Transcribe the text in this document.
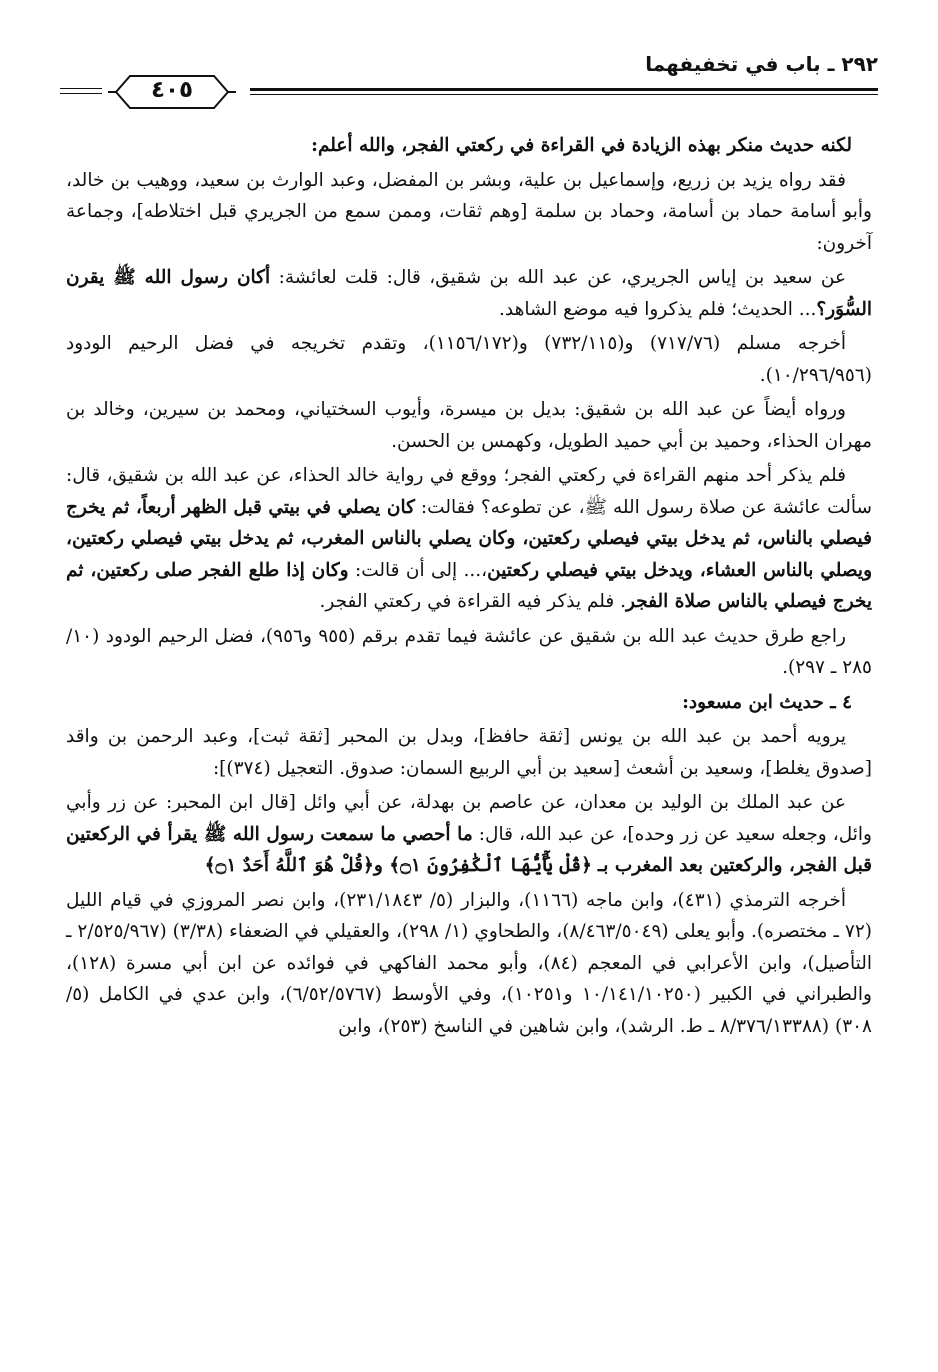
٢٩٢ ـ باب في تخفيفهما
٤٠٥

لكنه حديث منكر بهذه الزيادة في القراءة في ركعتي الفجر، والله أعلم:

فقد رواه يزيد بن زريع، وإسماعيل بن علية، وبشر بن المفضل، وعبد الوارث بن سعيد، ووهيب بن خالد، وأبو أسامة حماد بن أسامة، وحماد بن سلمة [وهم ثقات، وممن سمع من الجريري قبل اختلاطه]، وجماعة آخرون:

عن سعيد بن إياس الجريري، عن عبد الله بن شقيق، قال: قلت لعائشة: أكان رسول الله ﷺ يقرن السُّوَر؟... الحديث؛ فلم يذكروا فيه موضع الشاهد.

أخرجه مسلم (٧١٧/٧٦) و(٧٣٢/١١٥) و(١١٥٦/١٧٢)، وتقدم تخريجه في فضل الرحيم الودود (١٠/٢٩٦/٩٥٦).

ورواه أيضاً عن عبد الله بن شقيق: بديل بن ميسرة، وأيوب السختياني، ومحمد بن سيرين، وخالد بن مهران الحذاء، وحميد بن أبي حميد الطويل، وكهمس بن الحسن.

فلم يذكر أحد منهم القراءة في ركعتي الفجر؛ ووقع في رواية خالد الحذاء، عن عبد الله بن شقيق، قال: سألت عائشة عن صلاة رسول الله ﷺ، عن تطوعه؟ فقالت: كان يصلي في بيتي قبل الظهر أربعاً، ثم يخرج فيصلي بالناس، ثم يدخل بيتي فيصلي ركعتين، وكان يصلي بالناس المغرب، ثم يدخل بيتي فيصلي ركعتين، ويصلي بالناس العشاء، ويدخل بيتي فيصلي ركعتين،... إلى أن قالت: وكان إذا طلع الفجر صلى ركعتين، ثم يخرج فيصلي بالناس صلاة الفجر. فلم يذكر فيه القراءة في ركعتي الفجر.

راجع طرق حديث عبد الله بن شقيق عن عائشة فيما تقدم برقم (٩٥٥ و٩٥٦)، فضل الرحيم الودود (١٠/ ٢٨٥ ـ ٢٩٧).

٤ ـ حديث ابن مسعود:

يرويه أحمد بن عبد الله بن يونس [ثقة حافظ]، وبدل بن المحبر [ثقة ثبت]، وعبد الرحمن بن واقد [صدوق يغلط]، وسعيد بن أشعث [سعيد بن أبي الربيع السمان: صدوق. التعجيل (٣٧٤)]:

عن عبد الملك بن الوليد بن معدان، عن عاصم بن بهدلة، عن أبي وائل [قال ابن المحبر: عن زر وأبي وائل، وجعله سعيد عن زر وحده]، عن عبد الله، قال: ما أحصي ما سمعت رسول الله ﷺ يقرأ في الركعتين قبل الفجر، والركعتين بعد المغرب بـ ﴿قُلْ يَٰٓأَيُّهَا ٱلْكَٰفِرُونَ ۝١﴾ و﴿قُلْ هُوَ ٱللَّهُ أَحَدٌ ۝١﴾

أخرجه الترمذي (٤٣١)، وابن ماجه (١١٦٦)، والبزار (٥/ ٢٣١/١٨٤٣)، وابن نصر المروزي في قيام الليل (٧٢ ـ مختصره). وأبو يعلى (٨/٤٦٣/٥٠٤٩)، والطحاوي (١/ ٢٩٨)، والعقيلي في الضعفاء (٣/٣٨) (٢/٥٢٥/٩٦٧ ـ التأصيل)، وابن الأعرابي في المعجم (٨٤)، وأبو محمد الفاكهي في فوائده عن ابن أبي مسرة (١٢٨)، والطبراني في الكبير (١٠/١٤١/١٠٢٥٠ و١٠٢٥١)، وفي الأوسط (٦/٥٢/٥٧٦٧)، وابن عدي في الكامل (٥/ ٣٠٨) (٨/٣٧٦/١٣٣٨٨ ـ ط. الرشد)، وابن شاهين في الناسخ (٢٥٣)، وابن
